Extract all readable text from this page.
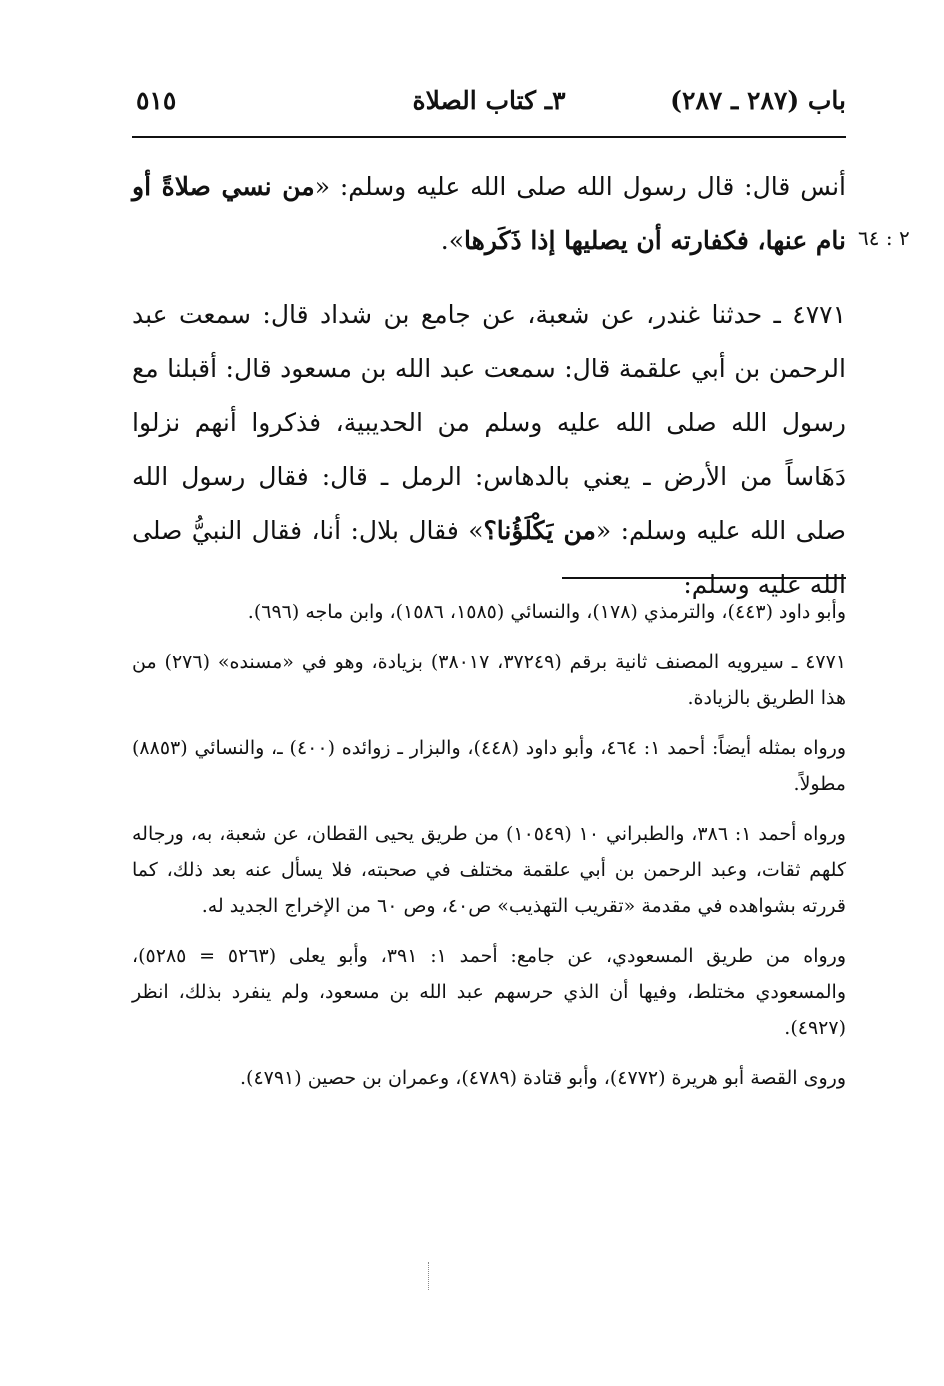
باب (٢٨٧ ـ ٢٨٧)
٣ـ كتاب الصلاة
٥١٥
٢ : ٦٤

أنس قال: قال رسول الله صلى الله عليه وسلم: «من نسي صلاةً أو نام عنها، فكفارته أن يصليها إذا ذَكَرها».

٤٧٧١ ـ حدثنا غندر، عن شعبة، عن جامع بن شداد قال: سمعت عبد الرحمن بن أبي علقمة قال: سمعت عبد الله بن مسعود قال: أقبلنا مع رسول الله صلى الله عليه وسلم من الحديبية، فذكروا أنهم نزلوا دَهَاساً من الأرض ـ يعني بالدهاس: الرمل ـ قال: فقال رسول الله صلى الله عليه وسلم: «من يَكْلَؤُنا؟» فقال بلال: أنا، فقال النبيُّ صلى الله عليه وسلم:

وأبو داود (٤٤٣)، والترمذي (١٧٨)، والنسائي (١٥٨٥، ١٥٨٦)، وابن ماجه (٦٩٦).

٤٧٧١ ـ سيرويه المصنف ثانية برقم (٣٧٢٤٩، ٣٨٠١٧) بزيادة، وهو في «مسنده» (٢٧٦) من هذا الطريق بالزيادة.

ورواه بمثله أيضاً: أحمد ١: ٤٦٤، وأبو داود (٤٤٨)، والبزار ـ زوائده (٤٠٠) ـ، والنسائي (٨٨٥٣) مطولاً.

ورواه أحمد ١: ٣٨٦، والطبراني ١٠ (١٠٥٤٩) من طريق يحيى القطان، عن شعبة، به، ورجاله كلهم ثقات، وعبد الرحمن بن أبي علقمة مختلف في صحبته، فلا يسأل عنه بعد ذلك، كما قررته بشواهده في مقدمة «تقريب التهذيب» ص٤٠، وص ٦٠ من الإخراج الجديد له.

ورواه من طريق المسعودي، عن جامع: أحمد ١: ٣٩١، وأبو يعلى (٥٢٦٣ = ٥٢٨٥)، والمسعودي مختلط، وفيها أن الذي حرسهم عبد الله بن مسعود، ولم ينفرد بذلك، انظر (٤٩٢٧).

وروى القصة أبو هريرة (٤٧٧٢)، وأبو قتادة (٤٧٨٩)، وعمران بن حصين (٤٧٩١).
